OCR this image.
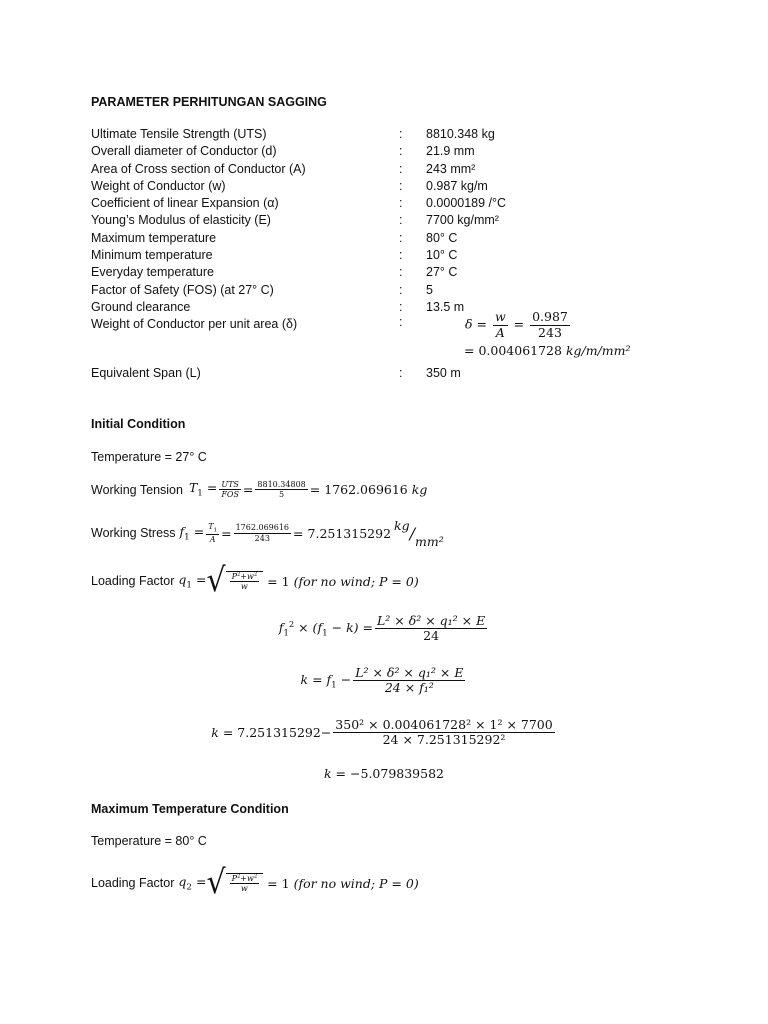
PARAMETER PERHITUNGAN SAGGING
Ultimate Tensile Strength (UTS)	: 8810.348 kg
Overall diameter of Conductor (d)	: 21.9 mm
Area of Cross section of Conductor (A)	: 243 mm²
Weight of Conductor (w)	: 0.987 kg/m
Coefficient of linear Expansion (α)	: 0.0000189 /°C
Young’s Modulus of elasticity (E)	: 7700 kg/mm²
Maximum temperature	: 80° C
Minimum temperature	: 10° C
Everyday temperature	: 27° C
Factor of Safety (FOS) (at 27° C)	: 5
Ground clearance	: 13.5 m
Weight of Conductor per unit area (δ)	:	$\delta = \frac{w}{A} = \frac{0.987}{243}$
= 0.004061728 kg/m/mm²
Equivalent Span (L)	: 350 m
Initial Condition
Temperature = 27° C
Working Tension $T_1 = \frac{\text{UTS}}{\text{FOS}} = \frac{8810.34808}{5} = 1762.069616$ kg
Working Stress $f_1 = \frac{T_1}{A} = \frac{1762.069616}{243} = 7.251315292$
kg / mm²
Loading Factor $q_1$ = √ $\frac{P^2+w^2}{w} = 1$ (for no wind; P = 0)
$f_1^2 \times (f_1 - k) = \frac{\text{L² × δ² × q₁² × E}}{24}$
$k = f_1 - \frac{\text{L² × δ² × q₁² × E}}{\text{24 × f₁²}}$
$k = 7.251315292 - \frac{\text{350² × 0.004061728² × 1² × 7700}}{\text{24 × 7.251315292²}}$
k = −5.079839582
Maximum Temperature Condition
Temperature = 80° C
Loading Factor $q_2$ = √ $\frac{P^2+w^2}{w} = 1$ (for no wind; P = 0)
